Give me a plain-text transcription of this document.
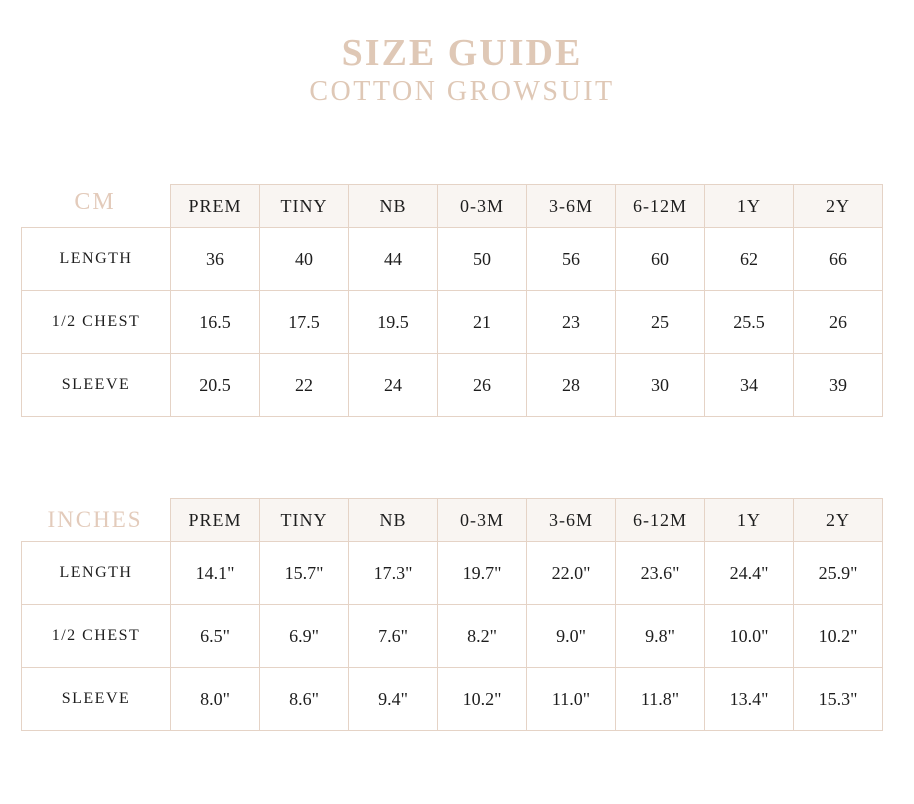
SIZE GUIDE
COTTON GROWSUIT
CM
		PREM	TINY	NB	0-3M	3-6M	6-12M	1Y	2Y
LENGTH	36	40	44	50	56	60	62	66
1/2 CHEST	16.5	17.5	19.5	21	23	25	25.5	26
SLEEVE	20.5	22	24	26	28	30	34	39
INCHES
		PREM	TINY	NB	0-3M	3-6M	6-12M	1Y	2Y
LENGTH	14.1"	15.7"	17.3"	19.7"	22.0"	23.6"	24.4"	25.9"
1/2 CHEST	6.5"	6.9"	7.6"	8.2"	9.0"	9.8"	10.0"	10.2"
SLEEVE	8.0"	8.6"	9.4"	10.2"	11.0"	11.8"	13.4"	15.3"
